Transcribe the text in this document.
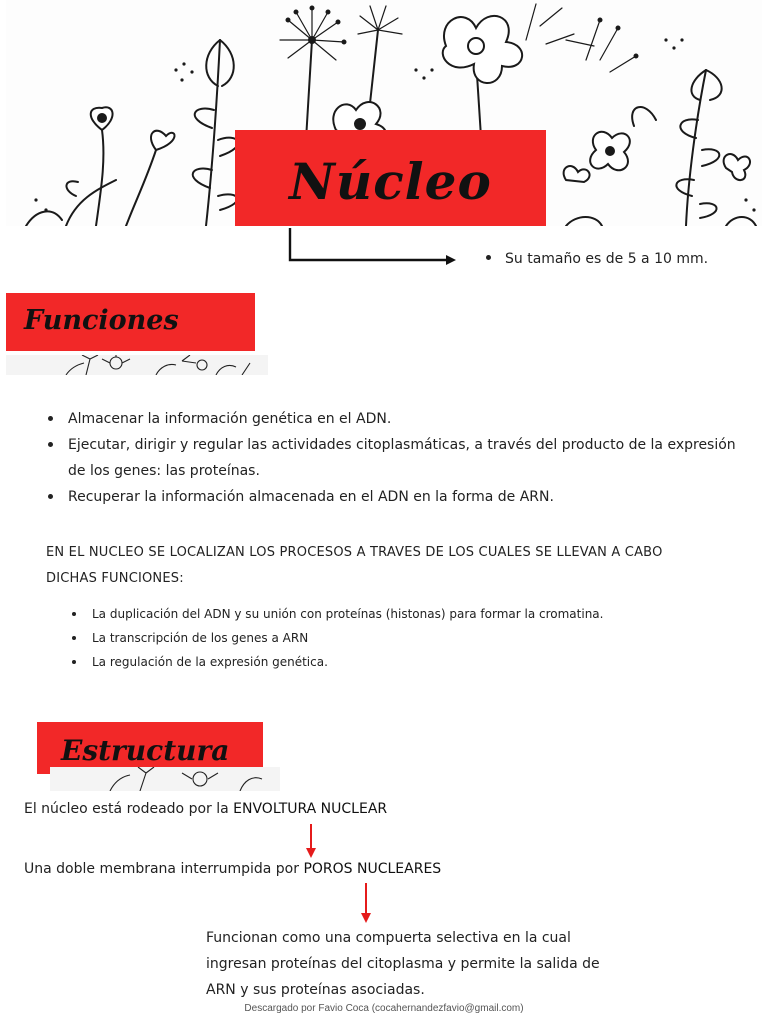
Núcleo
Su tamaño es de 5 a 10 mm.
Funciones
Almacenar la información genética en el ADN.
Ejecutar, dirigir y regular las actividades citoplasmáticas, a través del producto de la expresión de los genes: las proteínas.
Recuperar la información almacenada en el ADN en la forma de ARN.
EN EL NUCLEO SE LOCALIZAN LOS PROCESOS A TRAVES DE LOS CUALES SE LLEVAN A CABO DICHAS FUNCIONES:
La duplicación del ADN y su unión con proteínas (histonas) para formar la cromatina.
La transcripción de los genes a ARN
La regulación de la expresión genética.
Estructura
El núcleo está rodeado por la ENVOLTURA NUCLEAR
Una doble membrana interrumpida por POROS NUCLEARES
Funcionan como una compuerta selectiva en la cual ingresan proteínas del citoplasma y permite la salida de ARN y sus proteínas asociadas.
Descargado por Favio Coca (cocahernandezfavio@gmail.com)
